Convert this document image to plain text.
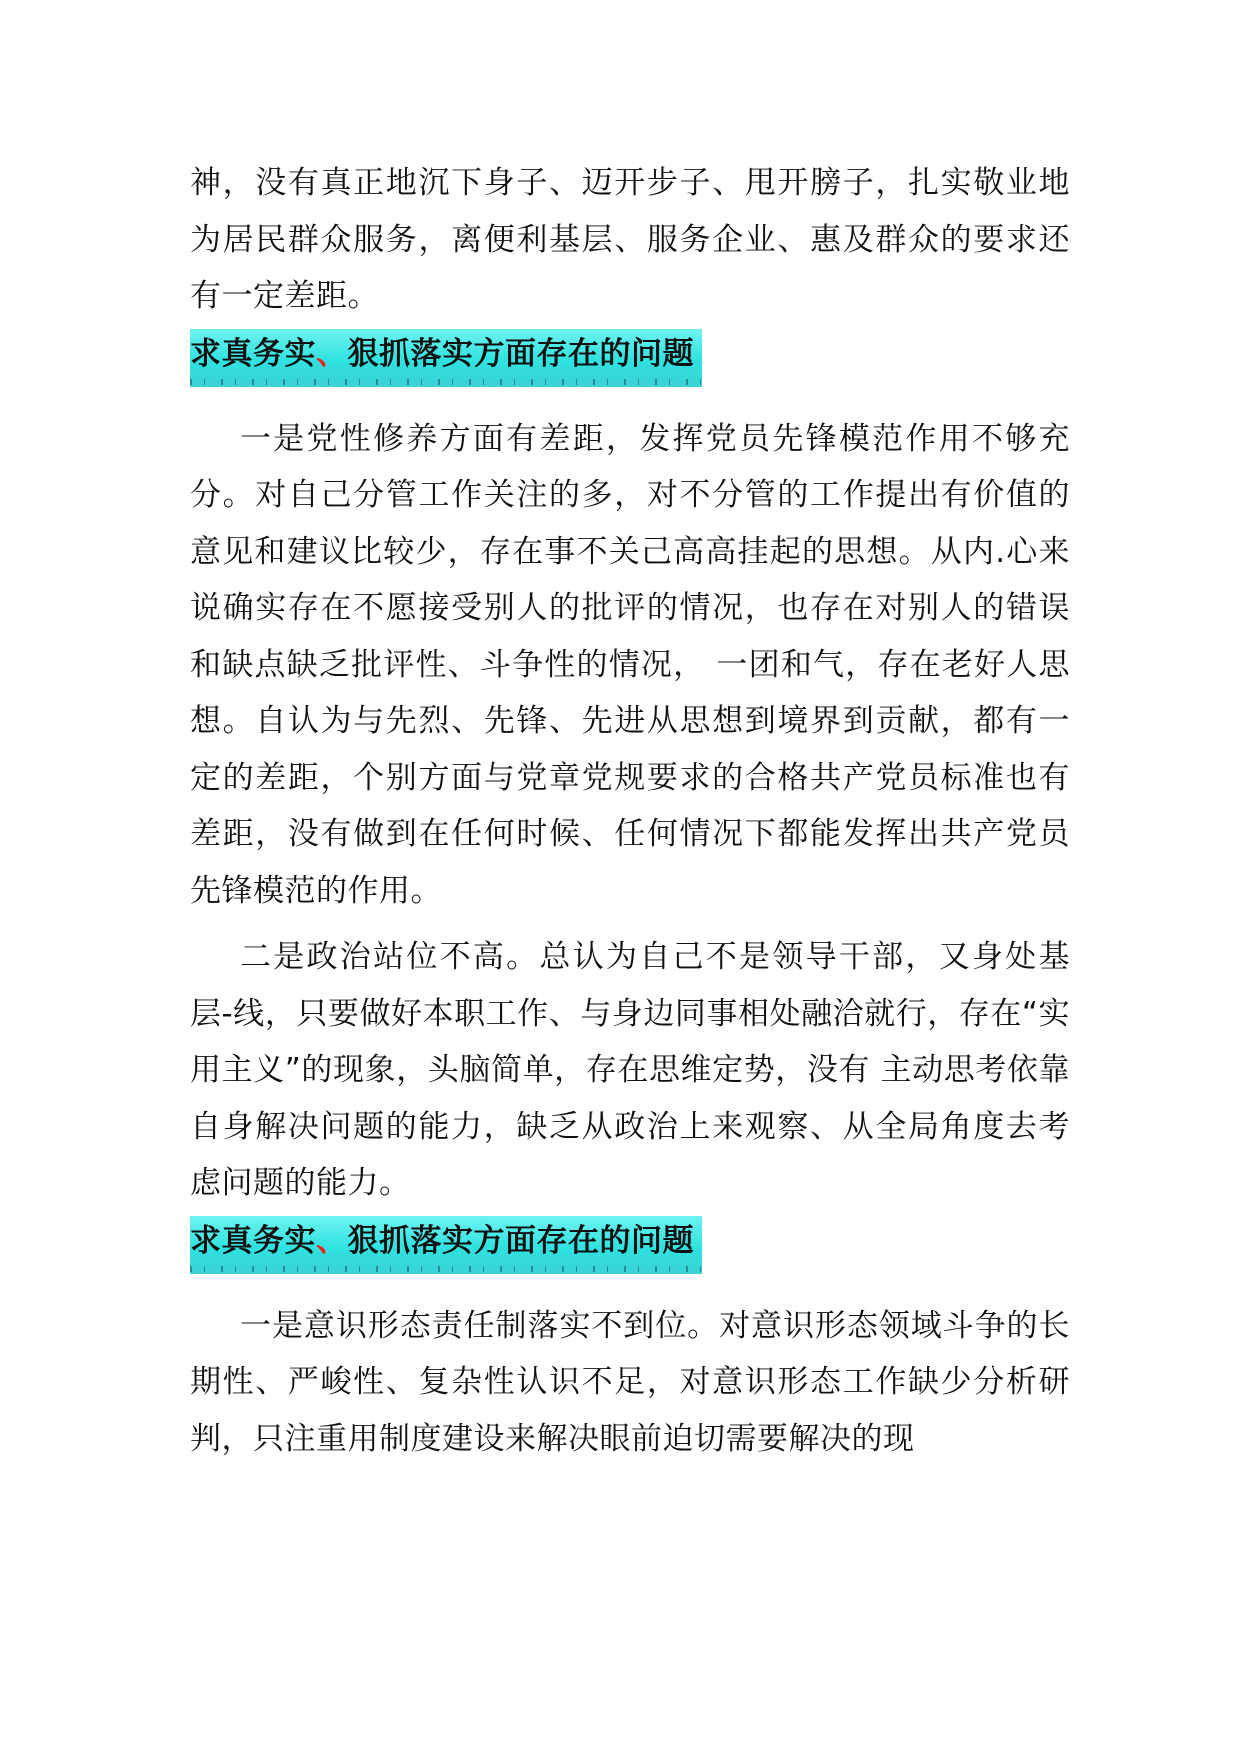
神，没有真正地沉下身子、迈开步子、甩开膀子，扎实敬业地为居民群众服务，离便利基层、服务企业、惠及群众的要求还有一定差距。

求真务实、狠抓落实方面存在的问题

一是党性修养方面有差距，发挥党员先锋模范作用不够充分。对自己分管工作关注的多，对不分管的工作提出有价值的意见和建议比较少，存在事不关己高高挂起的思想。从内.心来说确实存在不愿接受别人的批评的情况，也存在对别人的错误和缺点缺乏批评性、斗争性的情况， 一团和气，存在老好人思想。自认为与先烈、先锋、先进从思想到境界到贡献，都有一定的差距，个别方面与党章党规要求的合格共产党员标准也有差距，没有做到在任何时候、任何情况下都能发挥出共产党员先锋模范的作用。

二是政治站位不高。总认为自己不是领导干部，又身处基层-线，只要做好本职工作、与身边同事相处融洽就行，存在“实用主义”的现象，头脑简单，存在思维定势，没有 主动思考依靠自身解决问题的能力，缺乏从政治上来观察、从全局角度去考虑问题的能力。

求真务实、狠抓落实方面存在的问题

一是意识形态责任制落实不到位。对意识形态领域斗争的长期性、严峻性、复杂性认识不足，对意识形态工作缺少分析研判，只注重用制度建设来解决眼前迫切需要解决的现
